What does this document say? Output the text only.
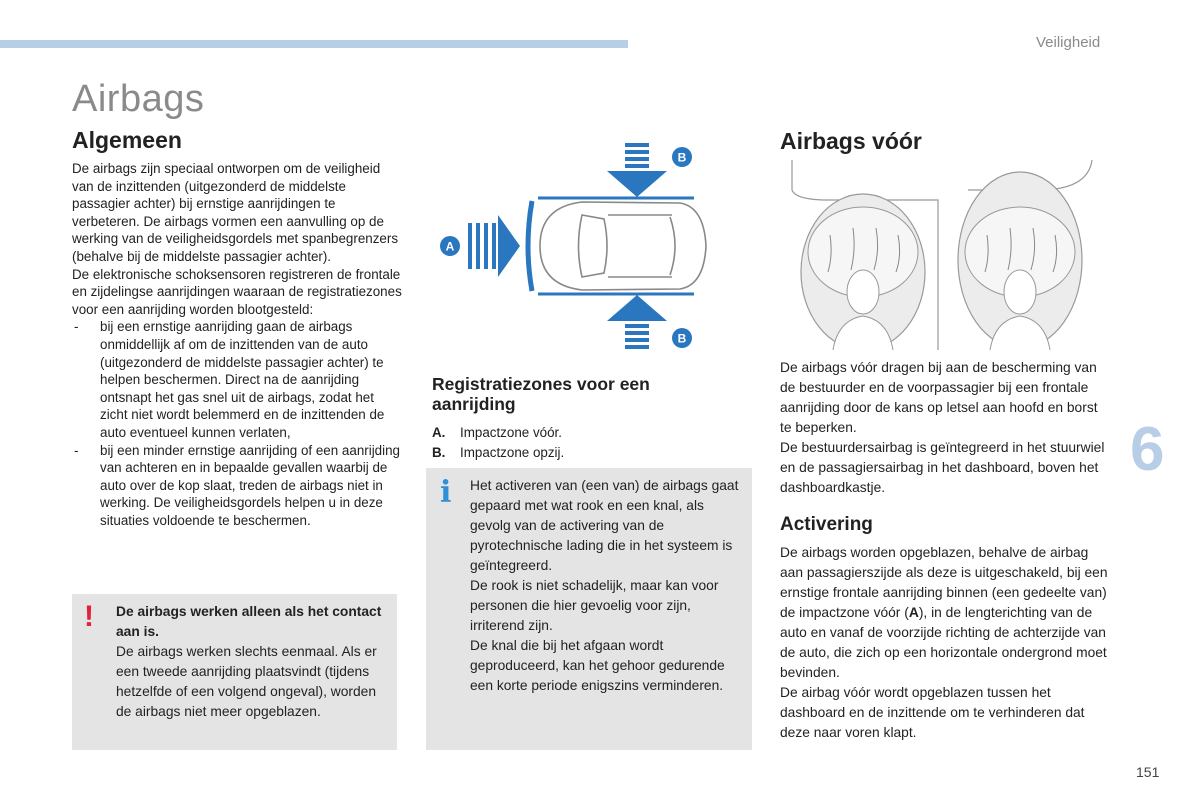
Veiligheid
Airbags
Algemeen

De airbags zijn speciaal ontworpen om de veiligheid van de inzittenden (uitgezonderd de middelste passagier achter) bij ernstige aanrijdingen te verbeteren. De airbags vormen een aanvulling op de werking van de veiligheidsgordels met spanbegrenzers (behalve bij de middelste passagier achter).

De elektronische schoksensoren registreren de frontale en zijdelingse aanrijdingen waaraan de registratiezones voor een aanrijding worden blootgesteld:

- bij een ernstige aanrijding gaan de airbags onmiddellijk af om de inzittenden van de auto (uitgezonderd de middelste passagier achter) te helpen beschermen. Direct na de aanrijding ontsnapt het gas snel uit de airbags, zodat het zicht niet wordt belemmerd en de inzittenden de auto eventueel kunnen verlaten,
- bij een minder ernstige aanrijding of een aanrijding van achteren en in bepaalde gevallen waarbij de auto over de kop slaat, treden de airbags niet in werking. De veiligheidsgordels helpen u in deze situaties voldoende te beschermen.
! De airbags werken alleen als het contact aan is.
De airbags werken slechts eenmaal. Als er een tweede aanrijding plaatsvindt (tijdens hetzelfde of een volgend ongeval), worden de airbags niet meer opgeblazen.
A
B
B
Registratiezones voor een aanrijding
A. Impactzone vóór.
B. Impactzone opzij.
i Het activeren van (een van) de airbags gaat gepaard met wat rook en een knal, als gevolg van de activering van de pyrotechnische lading die in het systeem is geïntegreerd.
De rook is niet schadelijk, maar kan voor personen die hier gevoelig voor zijn, irriterend zijn.
De knal die bij het afgaan wordt geproduceerd, kan het gehoor gedurende een korte periode enigszins verminderen.
Airbags vóór

De airbags vóór dragen bij aan de bescherming van de bestuurder en de voorpassagier bij een frontale aanrijding door de kans op letsel aan hoofd en borst te beperken.

De bestuurdersairbag is geïntegreerd in het stuurwiel en de passagiersairbag in het dashboard, boven het dashboardkastje.

Activering

De airbags worden opgeblazen, behalve de airbag aan passagierszijde als deze is uitgeschakeld, bij een ernstige frontale aanrijding binnen (een gedeelte van) de impactzone vóór (A), in de lengterichting van de auto en vanaf de voorzijde richting de achterzijde van de auto, die zich op een horizontale ondergrond moet bevinden.

De airbag vóór wordt opgeblazen tussen het dashboard en de inzittende om te verhinderen dat deze naar voren klapt.

6
151
